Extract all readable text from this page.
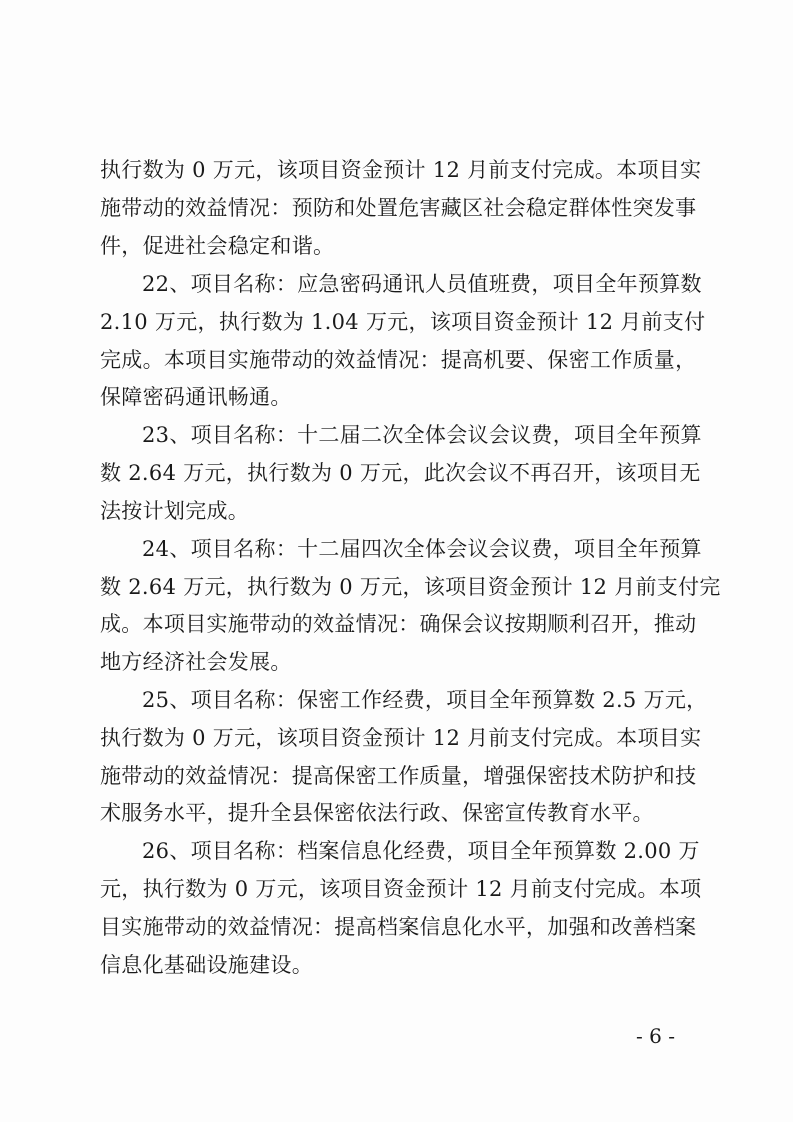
执行数为 0 万元，该项目资金预计 12 月前支付完成。本项目实
施带动的效益情况：预防和处置危害藏区社会稳定群体性突发事
件，促进社会稳定和谐。
22、项目名称：应急密码通讯人员值班费，项目全年预算数
2.10 万元，执行数为 1.04 万元，该项目资金预计 12 月前支付
完成。本项目实施带动的效益情况：提高机要、保密工作质量，
保障密码通讯畅通。
23、项目名称：十二届二次全体会议会议费，项目全年预算
数 2.64 万元，执行数为 0 万元，此次会议不再召开，该项目无
法按计划完成。
24、项目名称：十二届四次全体会议会议费，项目全年预算
数 2.64 万元，执行数为 0 万元，该项目资金预计 12 月前支付完
成。本项目实施带动的效益情况：确保会议按期顺利召开，推动
地方经济社会发展。
25、项目名称：保密工作经费，项目全年预算数 2.5 万元，
执行数为 0 万元，该项目资金预计 12 月前支付完成。本项目实
施带动的效益情况：提高保密工作质量，增强保密技术防护和技
术服务水平，提升全县保密依法行政、保密宣传教育水平。
26、项目名称：档案信息化经费，项目全年预算数 2.00 万
元，执行数为 0 万元，该项目资金预计 12 月前支付完成。本项
目实施带动的效益情况：提高档案信息化水平，加强和改善档案
信息化基础设施建设。
- 6 -
